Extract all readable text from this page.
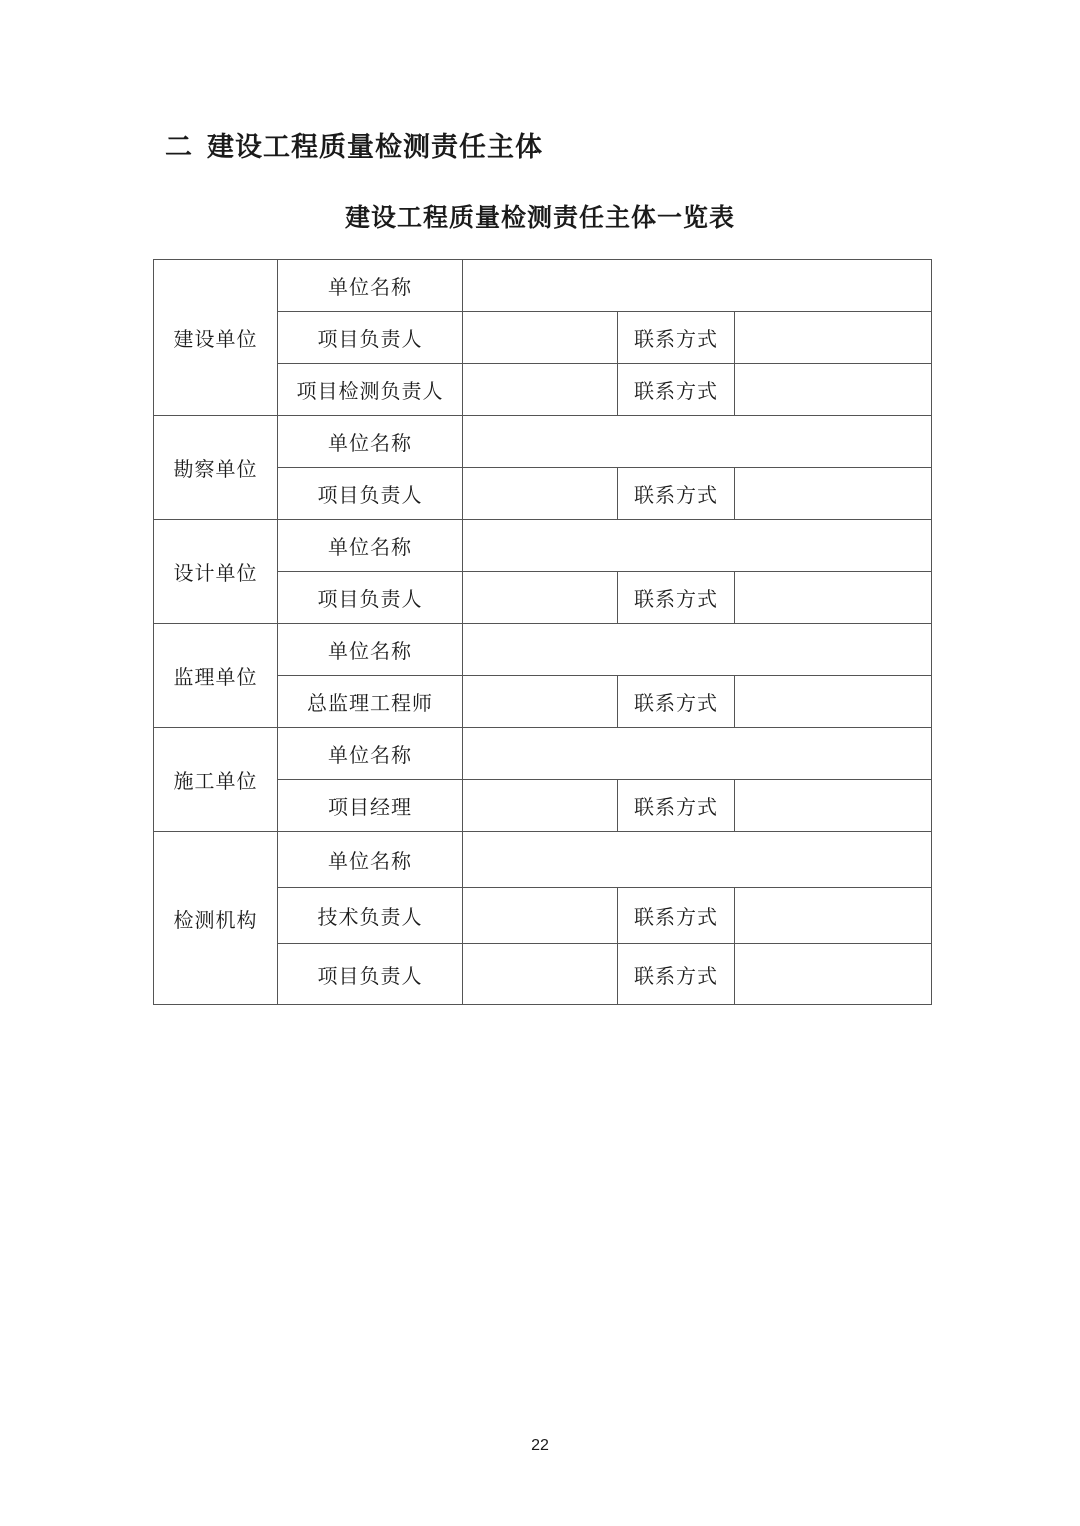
二 建设工程质量检测责任主体
建设工程质量检测责任主体一览表
建设单位	单位名称			
	项目负责人		联系方式	
	项目检测负责人		联系方式	
勘察单位	单位名称			
	项目负责人		联系方式	
设计单位	单位名称			
	项目负责人		联系方式	
监理单位	单位名称			
	总监理工程师		联系方式	
施工单位	单位名称			
	项目经理		联系方式	
检测机构	单位名称			
	技术负责人		联系方式	
	项目负责人		联系方式	
22
